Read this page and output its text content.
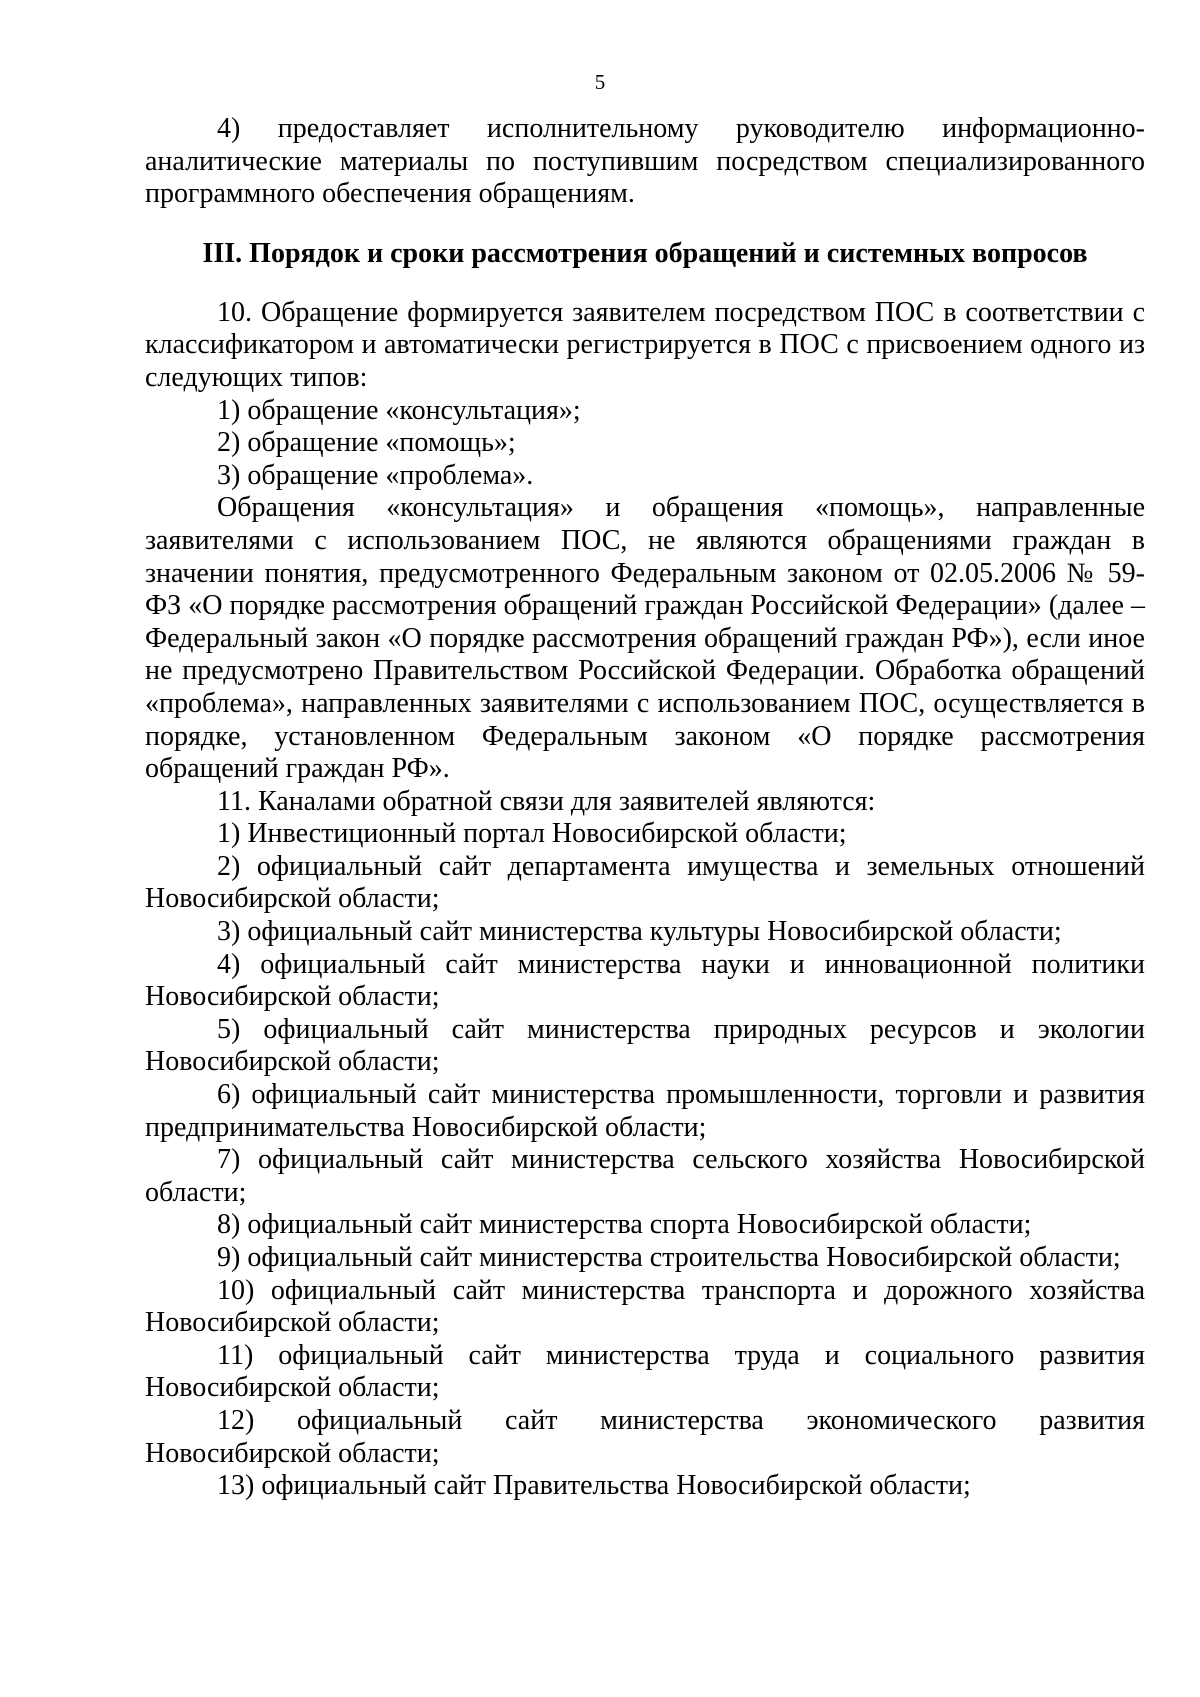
5

4) предоставляет исполнительному руководителю информационно-аналитические материалы по поступившим посредством специализированного программного обеспечения обращениям.

III. Порядок и сроки рассмотрения обращений и системных вопросов

10. Обращение формируется заявителем посредством ПОС в соответствии с классификатором и автоматически регистрируется в ПОС с присвоением одного из следующих типов:

1) обращение «консультация»;

2) обращение «помощь»;

3) обращение «проблема».

Обращения «консультация» и обращения «помощь», направленные заявителями с использованием ПОС, не являются обращениями граждан в значении понятия, предусмотренного Федеральным законом от 02.05.2006 № 59-ФЗ «О порядке рассмотрения обращений граждан Российской Федерации» (далее – Федеральный закон «О порядке рассмотрения обращений граждан РФ»), если иное не предусмотрено Правительством Российской Федерации. Обработка обращений «проблема», направленных заявителями с использованием ПОС, осуществляется в порядке, установленном Федеральным законом «О порядке рассмотрения обращений граждан РФ».

11. Каналами обратной связи для заявителей являются:

1) Инвестиционный портал Новосибирской области;

2) официальный сайт департамента имущества и земельных отношений Новосибирской области;

3) официальный сайт министерства культуры Новосибирской области;

4) официальный сайт министерства науки и инновационной политики Новосибирской области;

5) официальный сайт министерства природных ресурсов и экологии Новосибирской области;

6) официальный сайт министерства промышленности, торговли и развития предпринимательства Новосибирской области;

7) официальный сайт министерства сельского хозяйства Новосибирской области;

8) официальный сайт министерства спорта Новосибирской области;

9) официальный сайт министерства строительства Новосибирской области;

10) официальный сайт министерства транспорта и дорожного хозяйства Новосибирской области;

11) официальный сайт министерства труда и социального развития Новосибирской области;

12) официальный сайт министерства экономического развития Новосибирской области;

13) официальный сайт Правительства Новосибирской области;
